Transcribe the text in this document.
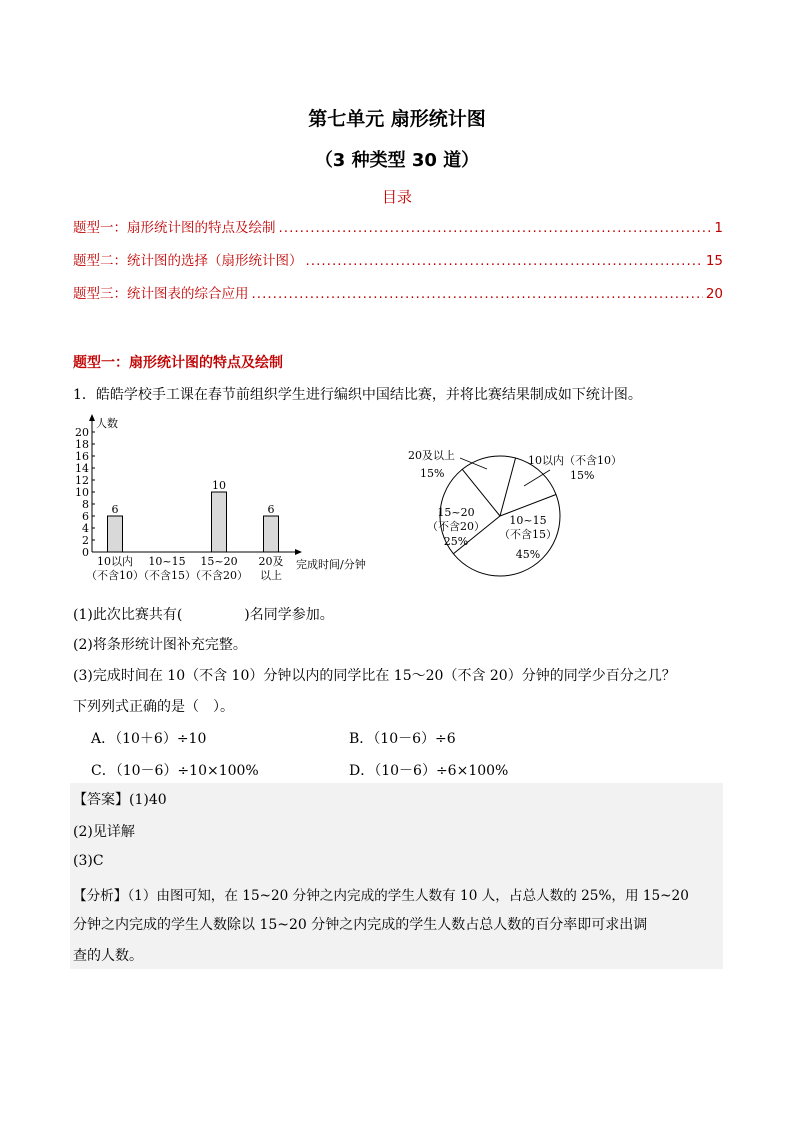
第七单元 扇形统计图
（3 种类型 30 道）
目录
题型一：扇形统计图的特点及绘制 .....	1
题型二：统计图的选择（扇形统计图） .....	15
题型三：统计图表的综合应用 .....	20
题型一：扇形统计图的特点及绘制
1．皓皓学校手工课在春节前组织学生进行编织中国结比赛，并将比赛结果制成如下统计图。
人数
完成时间/分钟
0
2
4
6
8
10
12
14
16
18
20
6
10
6
10以内
（不含10）
10~15
（不含15）
15~20
（不含20）
20及
以上
20及以上
15%
10以内（不含10）
15%
15~20
（不含20）
25%
10~15
（不含15）
45%
(1)此次比赛共有(	)名同学参加。
(2)将条形统计图补充完整。
(3)完成时间在 10（不含 10）分钟以内的同学比在 15～20（不含 20）分钟的同学少百分之几？
下列列式正确的是（　）。
A．（10＋6）÷10	B．（10－6）÷6
C．（10－6）÷10×100%	D．（10－6）÷6×100%
【答案】(1)40
(2)见详解
(3)C
【分析】（1）由图可知，在 15~20 分钟之内完成的学生人数有 10 人，占总人数的 25%，用 15~20
分钟之内完成的学生人数除以 15~20 分钟之内完成的学生人数占总人数的百分率即可求出调
查的人数。
